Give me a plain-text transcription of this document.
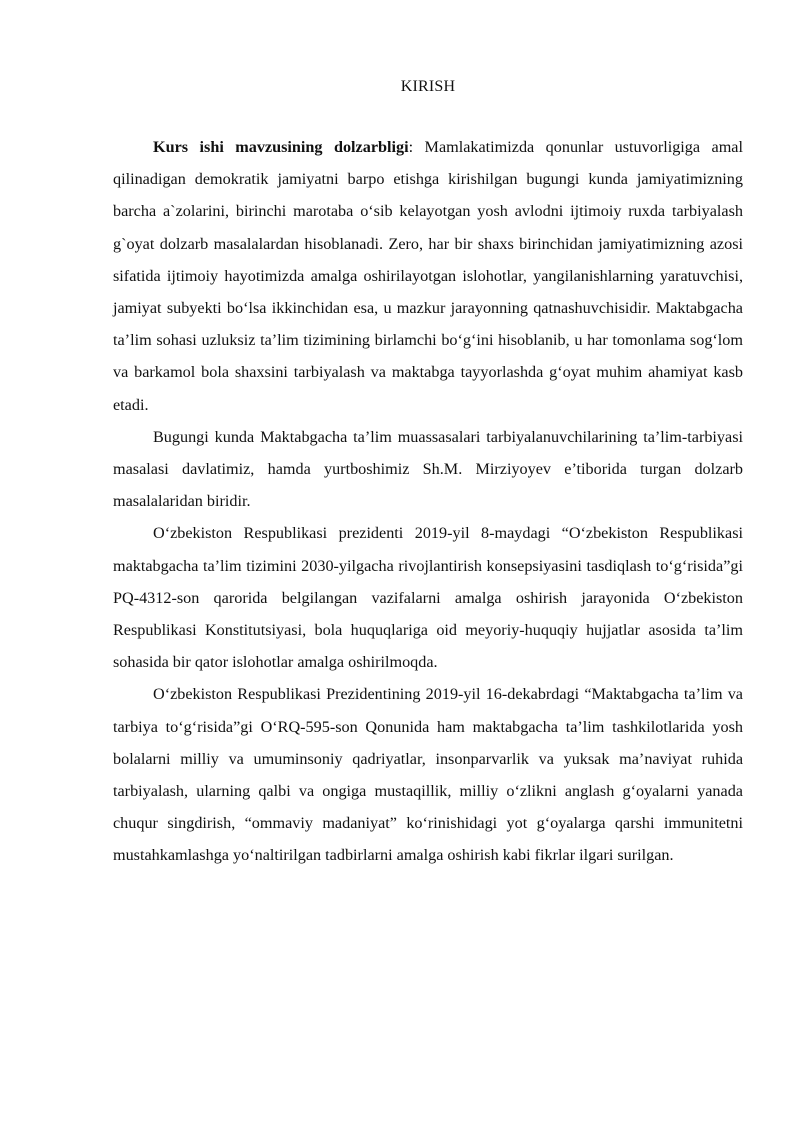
KIRISH

Kurs ishi mavzusining dolzarbligi: Mamlakatimizda qonunlar ustuvorligiga amal qilinadigan demokratik jamiyatni barpo etishga kirishilgan bugungi kunda jamiyatimizning barcha a`zolarini, birinchi marotaba o‘sib kelayotgan yosh avlodni ijtimoiy ruxda tarbiyalash g`oyat dolzarb masalalardan hisoblanadi. Zero, har bir shaxs birinchidan jamiyatimizning azosi sifatida ijtimoiy hayotimizda amalga oshirilayotgan islohotlar, yangilanishlarning yaratuvchisi, jamiyat subyekti bo‘lsa ikkinchidan esa, u mazkur jarayonning qatnashuvchisidir. Maktabgacha ta’lim sohasi uzluksiz ta’lim tizimining birlamchi bo‘g‘ini hisoblanib, u har tomonlama sog‘lom va barkamol bola shaxsini tarbiyalash va maktabga tayyorlashda g‘oyat muhim ahamiyat kasb etadi.

Bugungi kunda Maktabgacha ta’lim muassasalari tarbiyalanuvchilarining ta’lim-tarbiyasi masalasi davlatimiz, hamda yurtboshimiz Sh.M. Mirziyoyev e’tiborida turgan dolzarb masalalaridan biridir.

O‘zbekiston Respublikasi prezidenti 2019-yil 8-maydagi “O‘zbekiston Respublikasi maktabgacha ta’lim tizimini 2030-yilgacha rivojlantirish konsepsiyasini tasdiqlash to‘g‘risida”gi PQ-4312-son qarorida belgilangan vazifalarni amalga oshirish jarayonida O‘zbekiston Respublikasi Konstitutsiyasi, bola huquqlariga oid meyoriy-huquqiy hujjatlar asosida ta’lim sohasida bir qator islohotlar amalga oshirilmoqda.

O‘zbekiston Respublikasi Prezidentining 2019-yil 16-dekabrdagi “Maktabgacha ta’lim va tarbiya to‘g‘risida”gi O‘RQ-595-son Qonunida ham maktabgacha ta’lim tashkilotlarida yosh bolalarni milliy va umuminsoniy qadriyatlar, insonparvarlik va yuksak ma’naviyat ruhida tarbiyalash, ularning qalbi va ongiga mustaqillik, milliy o‘zlikni anglash g‘oyalarni yanada chuqur singdirish, “ommaviy madaniyat” ko‘rinishidagi yot g‘oyalarga qarshi immunitetni mustahkamlashga yo‘naltirilgan tadbirlarni amalga oshirish kabi fikrlar ilgari surilgan.
